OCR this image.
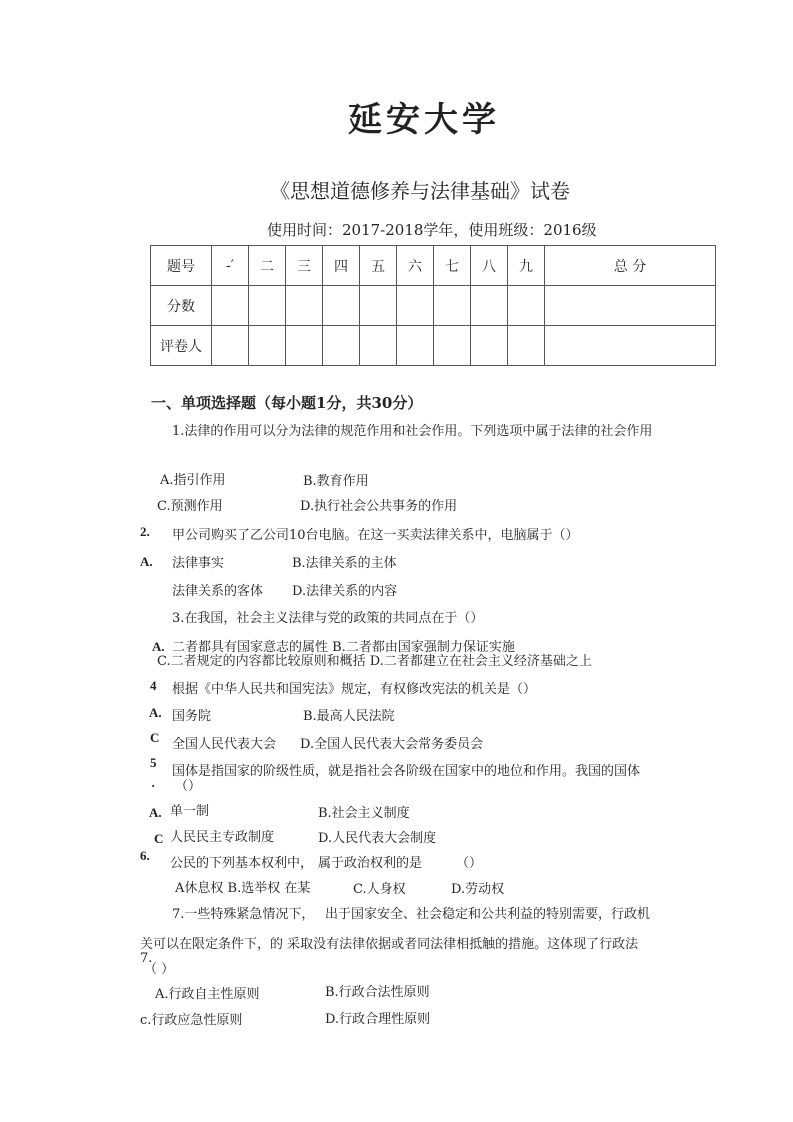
延安大学
《思想道德修养与法律基础》试卷
使用时间：2017-2018学年，使用班级：2016级
题号	-′	二	三	四	五	六	七	八	九	总 分
分数										
评卷人										
一、单项选择题（每小题1分，共30分）
1.法律的作用可以分为法律的规范作用和社会作用。下列选项中属于法律的社会作用
A.指引作用	B.教育作用
C.预测作用	D.执行社会公共事务的作用
2. 甲公司购买了乙公司10台电脑。在这一买卖法律关系中，电脑属于（）
A. 法律事实	B.法律关系的主体
法律关系的客体 D.法律关系的内容
3.在我国，社会主义法律与党的政策的共同点在于（）
A. 二者都具有国家意志的属性 B.二者都由国家强制力保证实施
C.二者规定的内容都比较原则和概括 D.二者都建立在社会主义经济基础之上
4 根据《中华人民共和国宪法》规定，有权修改宪法的机关是（）
A. 国务院	B.最高人民法院
C 全国人民代表大会 D.全国人民代表大会常务委员会
5
国体是指国家的阶级性质，就是指社会各阶级在国家中的地位和作用。我国的国体
· （）
A. 单一制	B.社会主义制度
C 人民民主专政制度	D.人民代表大会制度
6.
公民的下列基本权利中， 属于政治权利的是	（）
A休息权 B.选举权 在某	C.人身权	D.劳动权
7.一些特殊紧急情况下， 出于国家安全、社会稳定和公共利益的特别需要，行政机
关可以在限定条件下，的 采取没有法律依据或者同法律相抵触的措施。这体现了行政法
7.
（ ）
A.行政自主性原则	B.行政合法性原则
c.行政应急性原则	D.行政合理性原则
